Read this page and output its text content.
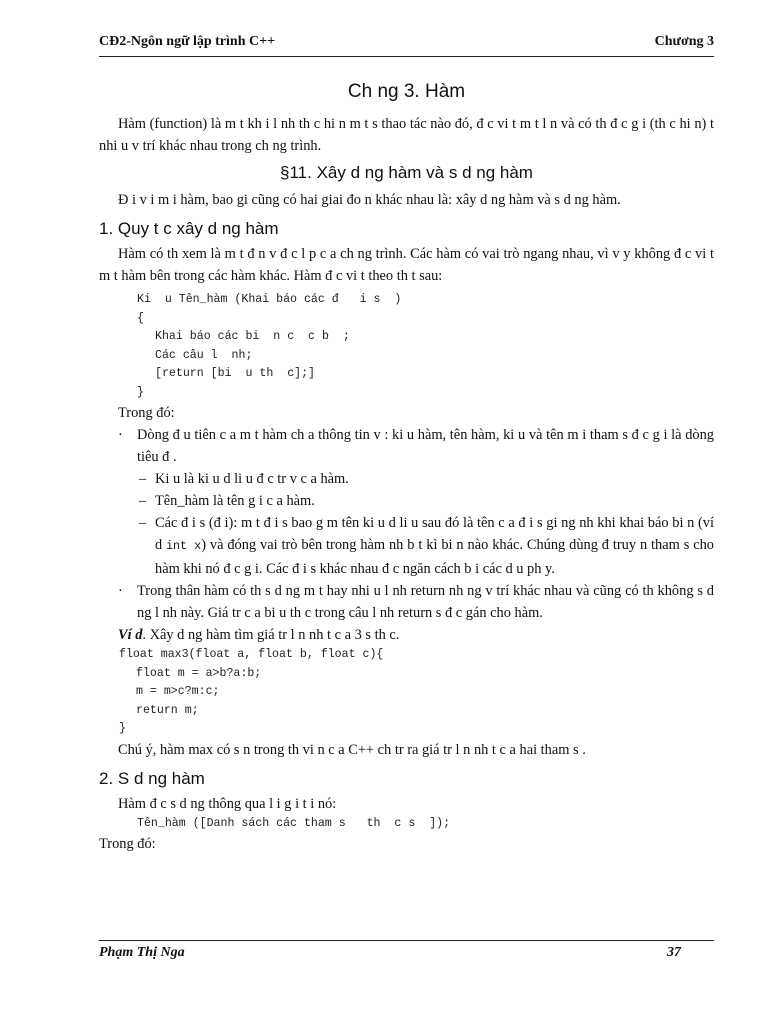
CĐ2-Ngôn ngữ lập trình C++	Chương 3
Ch ng 3. Hàm

Hàm (function) là m t kh i l nh th c hi n m t s thao tác nào đó, đ c vi t m t l n và có th đ c g i (th c hi n) t nhi u v trí khác nhau trong ch ng trình.

§11. Xây d ng hàm và s d ng hàm

Đ i v i m i hàm, bao gi cũng có hai giai đo n khác nhau là: xây d ng hàm và s d ng hàm.

1. Quy t c xây d ng hàm

Hàm có th xem là m t đ n v đ c l p c a ch ng trình. Các hàm có vai trò ngang nhau, vì v y không đ c vi t m t hàm bên trong các hàm khác. Hàm đ c vi t theo th t sau:

Ki  u Tên_hàm (Khai báo các đ   i s  )
{
Khai báo các bi  n c  c b  ;
Các câu l  nh;
[return [bi  u th  c];]
}

Trong đó:

· Dòng đ u tiên c a m t hàm ch a thông tin v : ki u hàm, tên hàm, ki u và tên m i tham s đ c g i là dòng tiêu đ .
– Ki u là ki u d li u đ c tr v c a hàm.
– Tên_hàm là tên g i c a hàm.
– Các đ i s (đ i): m t đ i s bao g m tên ki u d li u sau đó là tên c a đ i s gi ng nh khi khai báo bi n (ví d int x) và đóng vai trò bên trong hàm nh b t kì bi n nào khác. Chúng dùng đ truy n tham s cho hàm khi nó đ c g i. Các đ i s khác nhau đ c ngăn cách b i các d u ph y.
· Trong thân hàm có th s d ng m t hay nhi u l nh return nh ng v trí khác nhau và cũng có th không s d ng l nh này. Giá tr c a bi u th c trong câu l nh return s đ c gán cho hàm.

Ví d. Xây d ng hàm tìm giá tr l n nh t c a 3 s th c.

float max3(float a, float b, float c){
float m = a>b?a:b;
m = m>c?m:c;
return m;
}

Chú ý, hàm max có s n trong th vi n c a C++ ch tr ra giá tr l n nh t c a hai tham s .

2. S d ng hàm

Hàm đ c s d ng thông qua l i g i t i nó:

Tên_hàm ([Danh sách các tham s   th  c s  ]);

Trong đó:

Phạm Thị Nga	37
